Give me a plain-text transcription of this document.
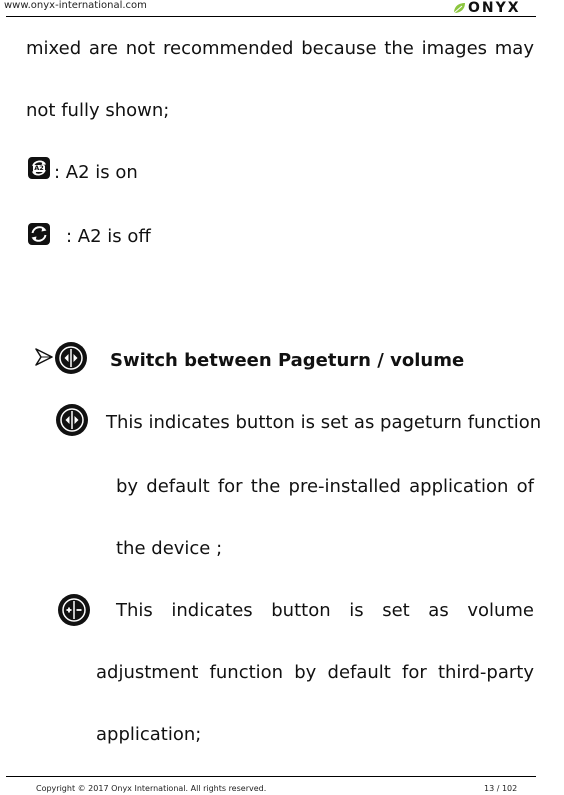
www.onyx-international.com	ONYX
mixed are not recommended because the images may
not fully shown;
A2 : A2 is on
: A2 is off
Switch between Pageturn / volume
This indicates button is set as pageturn function
by default for the pre-installed application of
the device ;
This indicates button is set as volume
adjustment function by default for third-party
application;
Copyright © 2017 Onyx International. All rights reserved.	13 / 102
